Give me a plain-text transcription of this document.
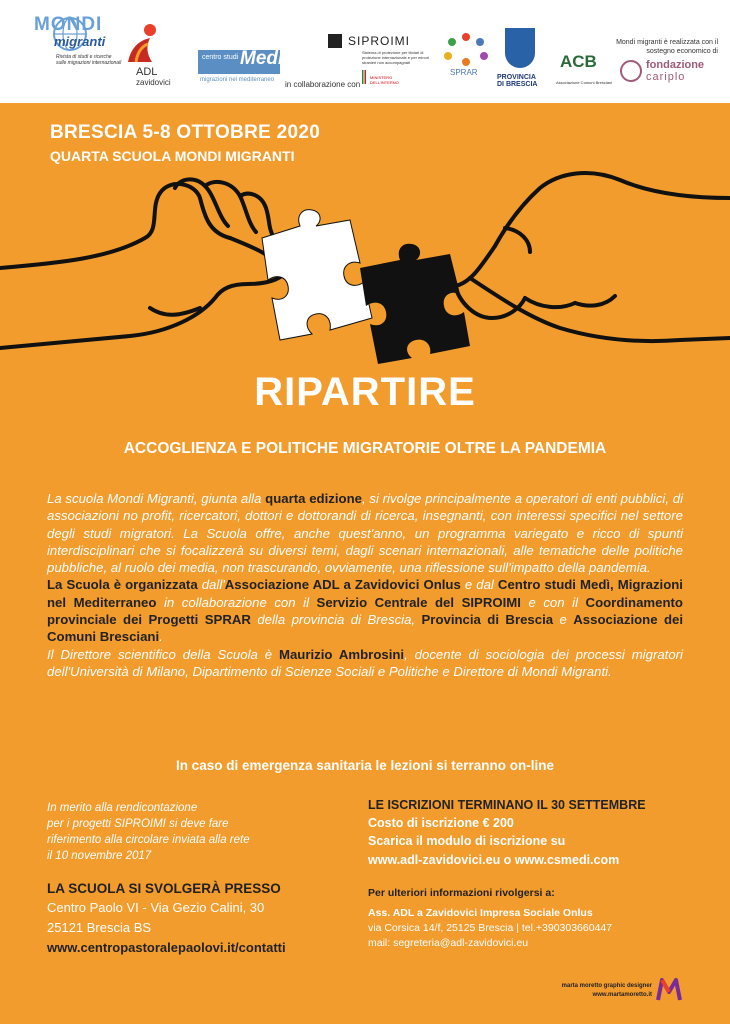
MONDI
migranti
Rivista di studi e ricerche sulle migrazioni internazionali
ADL
zavidovici
centro studi Medi
migrazioni nel mediterraneo in collaborazione con
SIPROIMI
Sistema di protezione per titolari di protezione internazionale e per minori stranieri non accompagnati
MINISTERO DELL'INTERNO
SPRAR
PROVINCIA DI BRESCIA
ACB
Associazione Comuni Bresciani
Mondi migranti è realizzata con il sostegno economico di
fondazione
cariplo
BRESCIA 5-8 OTTOBRE 2020
QUARTA SCUOLA MONDI MIGRANTI
RIPARTIRE
ACCOGLIENZA E POLITICHE MIGRATORIE OLTRE LA PANDEMIA

La scuola Mondi Migranti, giunta alla quarta edizione, si rivolge principalmente a operatori di enti pubblici, di associazioni no profit, ricercatori, dottori e dottorandi di ricerca, insegnanti, con interessi specifici nel settore degli studi migratori. La Scuola offre, anche quest'anno, un programma variegato e ricco di spunti interdisciplinari che si focalizzerà su diversi temi, dagli scenari internazionali, alle tematiche delle politiche pubbliche, al ruolo dei media, non trascurando, ovviamente, una riflessione sull'impatto della pandemia.

La Scuola è organizzata dall'Associazione ADL a Zavidovici Onlus e dal Centro studi Medì, Migrazioni nel Mediterraneo in collaborazione con il Servizio Centrale del SIPROIMI e con il Coordinamento provinciale dei Progetti SPRAR della provincia di Brescia, Provincia di Brescia e Associazione dei Comuni Bresciani.

Il Direttore scientifico della Scuola è Maurizio Ambrosini, docente di sociologia dei processi migratori dell'Università di Milano, Dipartimento di Scienze Sociali e Politiche e Direttore di Mondi Migranti.

In caso di emergenza sanitaria le lezioni si terranno on-line
In merito alla rendicontazione
per i progetti SIPROIMI si deve fare
riferimento alla circolare inviata alla rete
il 10 novembre 2017
LA SCUOLA SI SVOLGERÀ PRESSO
Centro Paolo VI - Via Gezio Calini, 30
25121 Brescia BS
www.centropastoralepaolovi.it/contatti
LE ISCRIZIONI TERMINANO IL 30 SETTEMBRE
Costo di iscrizione € 200
Scarica il modulo di iscrizione su
www.adl-zavidovici.eu o www.csmedi.com
Per ulteriori informazioni rivolgersi a:
Ass. ADL a Zavidovici Impresa Sociale Onlus
via Corsica 14/f, 25125 Brescia | tel.+390303660447
mail: segreteria@adl-zavidovici.eu
marta moretto graphic designer
www.martamoretto.it
